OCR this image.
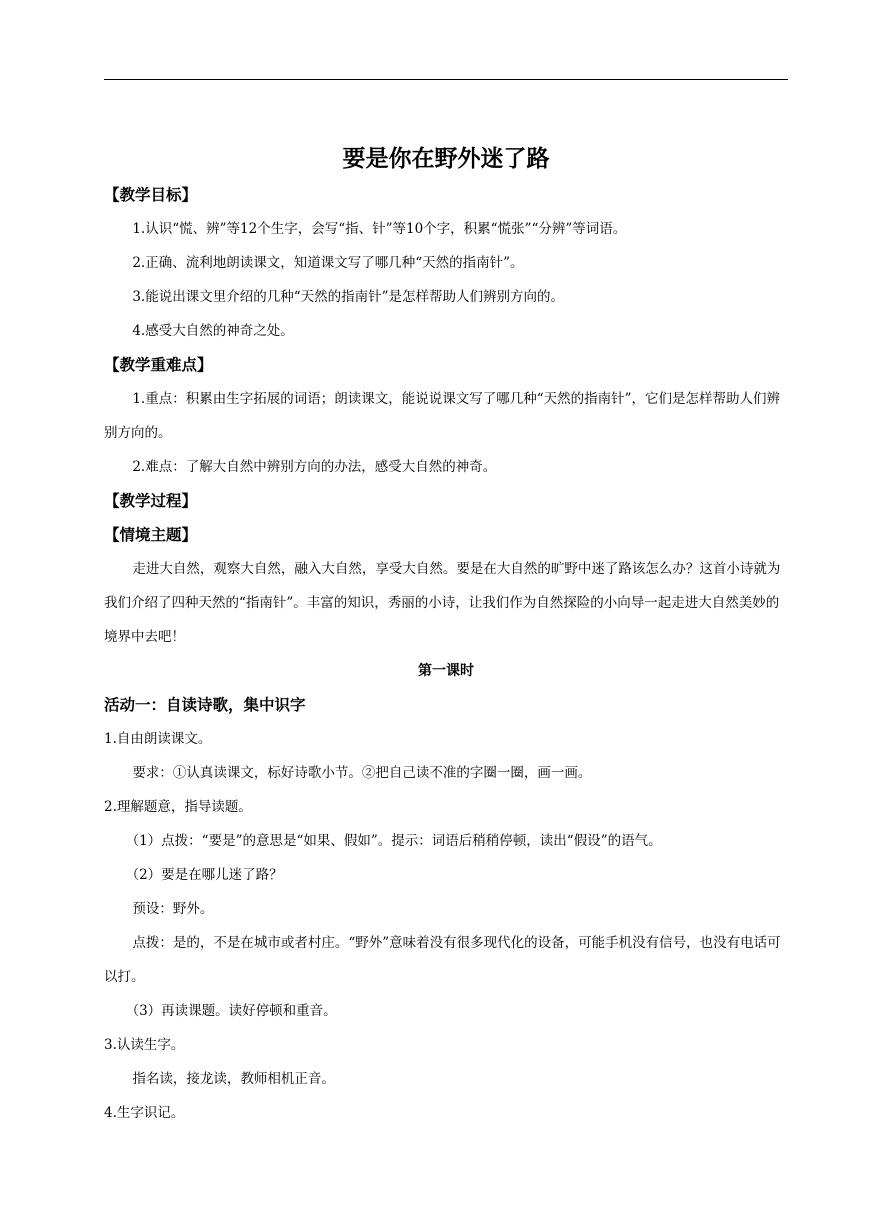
要是你在野外迷了路

【教学目标】

1.认识“慌、辨”等12个生字，会写“指、针”等10个字，积累“慌张”“分辨”等词语。

2.正确、流利地朗读课文，知道课文写了哪几种“天然的指南针”。

3.能说出课文里介绍的几种“天然的指南针”是怎样帮助人们辨别方向的。

4.感受大自然的神奇之处。

【教学重难点】

1.重点：积累由生字拓展的词语；朗读课文，能说说课文写了哪几种“天然的指南针”，它们是怎样帮助人们辨别方向的。

2.难点：了解大自然中辨别方向的办法，感受大自然的神奇。

【教学过程】

【情境主题】

走进大自然，观察大自然，融入大自然，享受大自然。要是在大自然的旷野中迷了路该怎么办？这首小诗就为我们介绍了四种天然的“指南针”。丰富的知识，秀丽的小诗，让我们作为自然探险的小向导一起走进大自然美妙的境界中去吧！

第一课时

活动一：自读诗歌，集中识字

1.自由朗读课文。

要求：①认真读课文，标好诗歌小节。②把自己读不准的字圈一圈，画一画。

2.理解题意，指导读题。

（1）点拨：“要是”的意思是“如果、假如”。提示：词语后稍稍停顿，读出“假设”的语气。

（2）要是在哪儿迷了路？

预设：野外。

点拨：是的，不是在城市或者村庄。“野外”意味着没有很多现代化的设备，可能手机没有信号，也没有电话可以打。

（3）再读课题。读好停顿和重音。

3.认读生字。

指名读，接龙读，教师相机正音。

4.生字识记。
